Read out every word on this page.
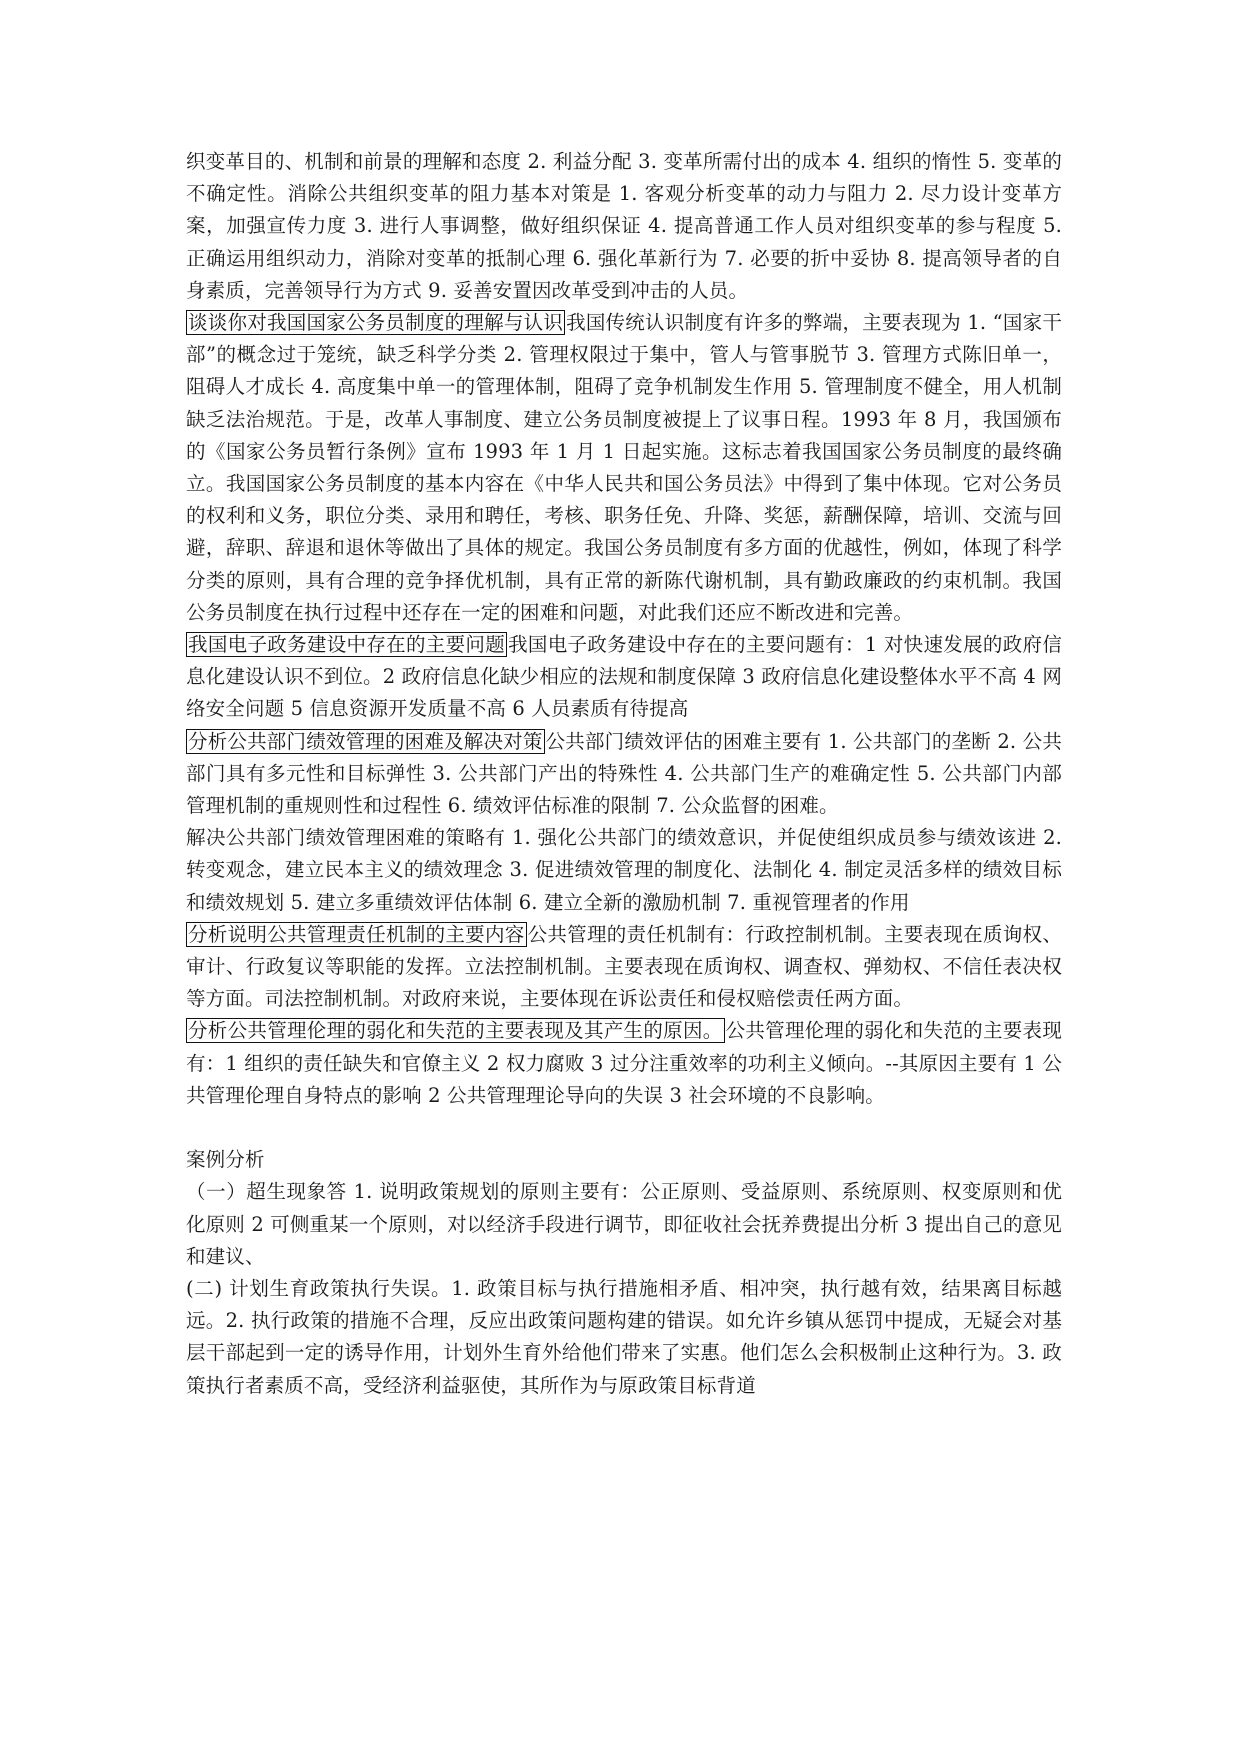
织变革目的、机制和前景的理解和态度 2. 利益分配 3. 变革所需付出的成本 4. 组织的惰性 5. 变革的不确定性。消除公共组织变革的阻力基本对策是 1. 客观分析变革的动力与阻力 2. 尽力设计变革方案，加强宣传力度 3. 进行人事调整，做好组织保证 4. 提高普通工作人员对组织变革的参与程度 5. 正确运用组织动力，消除对变革的抵制心理 6. 强化革新行为 7. 必要的折中妥协 8. 提高领导者的自身素质，完善领导行为方式 9. 妥善安置因改革受到冲击的人员。

谈谈你对我国国家公务员制度的理解与认识 我国传统认识制度有许多的弊端，主要表现为 1. “国家干部”的概念过于笼统，缺乏科学分类 2. 管理权限过于集中，管人与管事脱节 3. 管理方式陈旧单一，阻碍人才成长 4. 高度集中单一的管理体制，阻碍了竞争机制发生作用 5. 管理制度不健全，用人机制缺乏法治规范。于是，改革人事制度、建立公务员制度被提上了议事日程。1993 年 8 月，我国颁布的《国家公务员暂行条例》宣布 1993 年 1 月 1 日起实施。这标志着我国国家公务员制度的最终确立。我国国家公务员制度的基本内容在《中华人民共和国公务员法》中得到了集中体现。它对公务员的权利和义务，职位分类、录用和聘任，考核、职务任免、升降、奖惩，薪酬保障，培训、交流与回避，辞职、辞退和退休等做出了具体的规定。我国公务员制度有多方面的优越性，例如，体现了科学分类的原则，具有合理的竞争择优机制，具有正常的新陈代谢机制，具有勤政廉政的约束机制。我国公务员制度在执行过程中还存在一定的困难和问题，对此我们还应不断改进和完善。

我国电子政务建设中存在的主要问题 我国电子政务建设中存在的主要问题有：1 对快速发展的政府信息化建设认识不到位。2 政府信息化缺少相应的法规和制度保障 3 政府信息化建设整体水平不高 4 网络安全问题 5 信息资源开发质量不高 6 人员素质有待提高

分析公共部门绩效管理的困难及解决对策 公共部门绩效评估的困难主要有 1. 公共部门的垄断 2. 公共部门具有多元性和目标弹性 3. 公共部门产出的特殊性 4. 公共部门生产的难确定性 5. 公共部门内部管理机制的重规则性和过程性 6. 绩效评估标准的限制 7. 公众监督的困难。

解决公共部门绩效管理困难的策略有 1. 强化公共部门的绩效意识，并促使组织成员参与绩效该进 2. 转变观念，建立民本主义的绩效理念 3. 促进绩效管理的制度化、法制化 4. 制定灵活多样的绩效目标和绩效规划 5. 建立多重绩效评估体制 6. 建立全新的激励机制 7. 重视管理者的作用

分析说明公共管理责任机制的主要内容 公共管理的责任机制有：行政控制机制。主要表现在质询权、审计、行政复议等职能的发挥。立法控制机制。主要表现在质询权、调查权、弹劾权、不信任表决权等方面。司法控制机制。对政府来说，主要体现在诉讼责任和侵权赔偿责任两方面。

分析公共管理伦理的弱化和失范的主要表现及其产生的原因。 公共管理伦理的弱化和失范的主要表现有：1 组织的责任缺失和官僚主义 2 权力腐败 3 过分注重效率的功利主义倾向。--其原因主要有 1 公共管理伦理自身特点的影响 2 公共管理理论导向的失误 3 社会环境的不良影响。

案例分析

（一）超生现象答 1. 说明政策规划的原则主要有：公正原则、受益原则、系统原则、权变原则和优化原则 2 可侧重某一个原则，对以经济手段进行调节，即征收社会抚养费提出分析 3 提出自己的意见和建议、

(二) 计划生育政策执行失误。1. 政策目标与执行措施相矛盾、相冲突，执行越有效，结果离目标越远。2. 执行政策的措施不合理，反应出政策问题构建的错误。如允许乡镇从惩罚中提成，无疑会对基层干部起到一定的诱导作用，计划外生育外给他们带来了实惠。他们怎么会积极制止这种行为。3. 政策执行者素质不高，受经济利益驱使，其所作为与原政策目标背道
